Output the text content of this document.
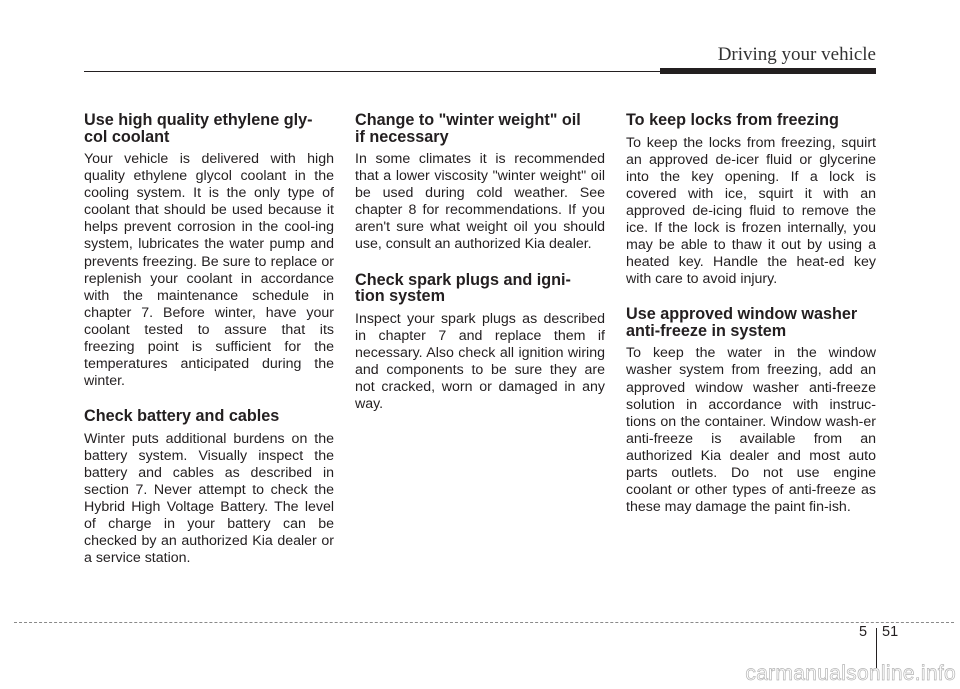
Driving your vehicle
Use high quality ethylene gly-
col coolant

Your vehicle is delivered with high quality ethylene glycol coolant in the cooling system. It is the only type of coolant that should be used because it helps prevent corrosion in the cool-ing system, lubricates the water pump and prevents freezing. Be sure to replace or replenish your coolant in accordance with the maintenance schedule in chapter 7. Before winter, have your coolant tested to assure that its freezing point is sufficient for the temperatures anticipated during the winter.

Check battery and cables

Winter puts additional burdens on the battery system. Visually inspect the battery and cables as described in section 7. Never attempt to check the Hybrid High Voltage Battery. The level of charge in your battery can be checked by an authorized Kia dealer or a service station.

Change to "winter weight" oil
if necessary

In some climates it is recommended that a lower viscosity "winter weight" oil be used during cold weather. See chapter 8 for recommendations. If you aren't sure what weight oil you should use, consult an authorized Kia dealer.

Check spark plugs and igni-
tion system

Inspect your spark plugs as described in chapter 7 and replace them if necessary. Also check all ignition wiring and components to be sure they are not cracked, worn or damaged in any way.

To keep locks from freezing

To keep the locks from freezing, squirt an approved de-icer fluid or glycerine into the key opening. If a lock is covered with ice, squirt it with an approved de-icing fluid to remove the ice. If the lock is frozen internally, you may be able to thaw it out by using a heated key. Handle the heat-ed key with care to avoid injury.

Use approved window washer
anti-freeze in system

To keep the water in the window washer system from freezing, add an approved window washer anti-freeze solution in accordance with instruc-tions on the container. Window wash-er anti-freeze is available from an authorized Kia dealer and most auto parts outlets. Do not use engine coolant or other types of anti-freeze as these may damage the paint fin-ish.

5 51
carmanualsonline.info
